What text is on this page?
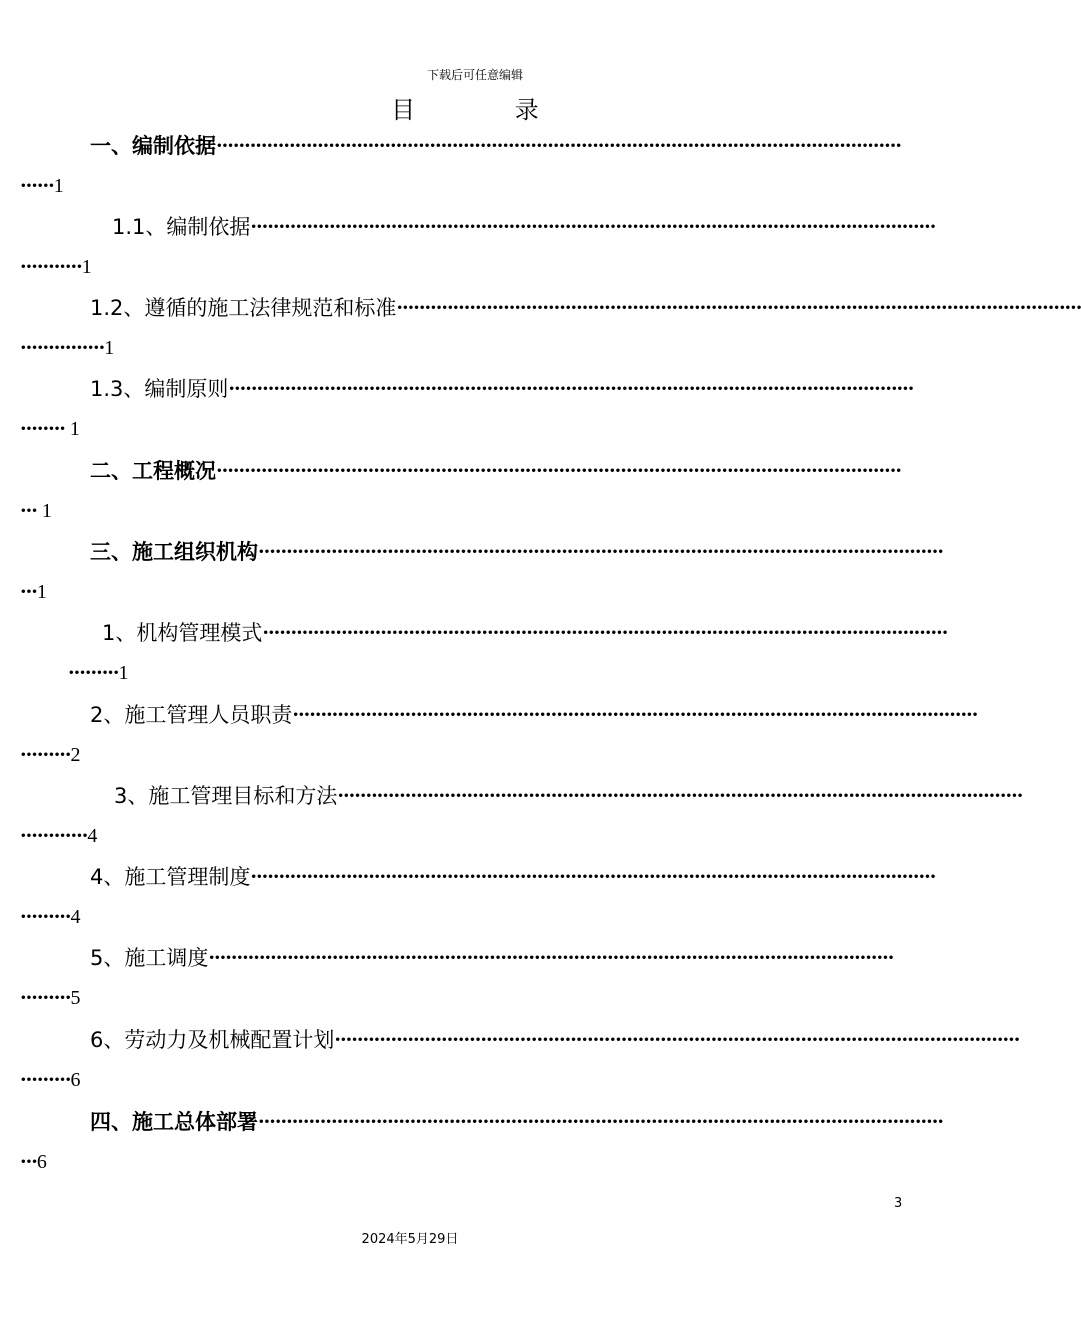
下载后可任意编辑
目 录
一、编制依据 ··························································································································
······1
1.1、编制依据 ··························································································································
···········1
1.2、遵循的施工法律规范和标准 ··························································································································
···············1
1.3、编制原则 ··························································································································
········ 1
二、工程概况 ··························································································································
··· 1
三、施工组织机构 ··························································································································
···1
1、机构管理模式 ··························································································································
·········1
2、施工管理人员职责 ··························································································································
·········2
3、施工管理目标和方法 ··························································································································
············4
4、施工管理制度 ··························································································································
·········4
5、施工调度 ··························································································································
·········5
6、劳动力及机械配置计划 ··························································································································
·········6
四、施工总体部署 ··························································································································
···6
3
2024年5月29日
